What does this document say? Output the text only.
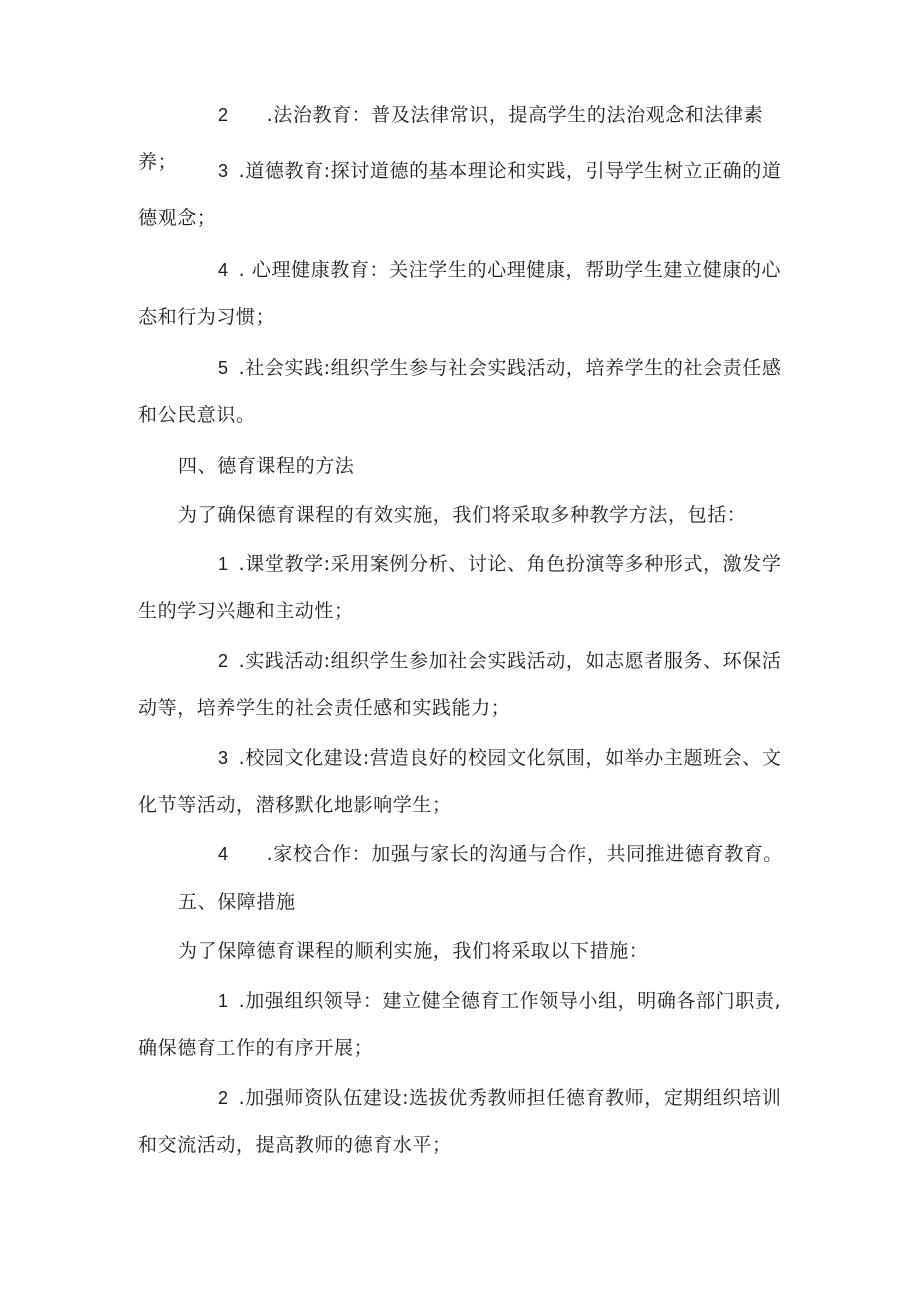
2 .法治教育：普及法律常识，提高学生的法治观念和法律素养；	3 .道德教育:探讨道德的基本理论和实践，引导学生树立正确的道德观念；

4 . 心理健康教育：关注学生的心理健康，帮助学生建立健康的心态和行为习惯；

5 .社会实践:组织学生参与社会实践活动，培养学生的社会责任感和公民意识。

四、德育课程的方法

为了确保德育课程的有效实施，我们将采取多种教学方法，包括：

1 .课堂教学:采用案例分析、讨论、角色扮演等多种形式，激发学生的学习兴趣和主动性；

2 .实践活动:组织学生参加社会实践活动，如志愿者服务、环保活动等，培养学生的社会责任感和实践能力；

3 .校园文化建设:营造良好的校园文化氛围，如举办主题班会、文化节等活动，潜移默化地影响学生；

4 .家校合作：加强与家长的沟通与合作，共同推进德育教育。

五、保障措施

为了保障德育课程的顺利实施，我们将采取以下措施：

1 .加强组织领导：建立健全德育工作领导小组，明确各部门职责,确保德育工作的有序开展；

2 .加强师资队伍建设:选拔优秀教师担任德育教师，定期组织培训和交流活动，提高教师的德育水平；
